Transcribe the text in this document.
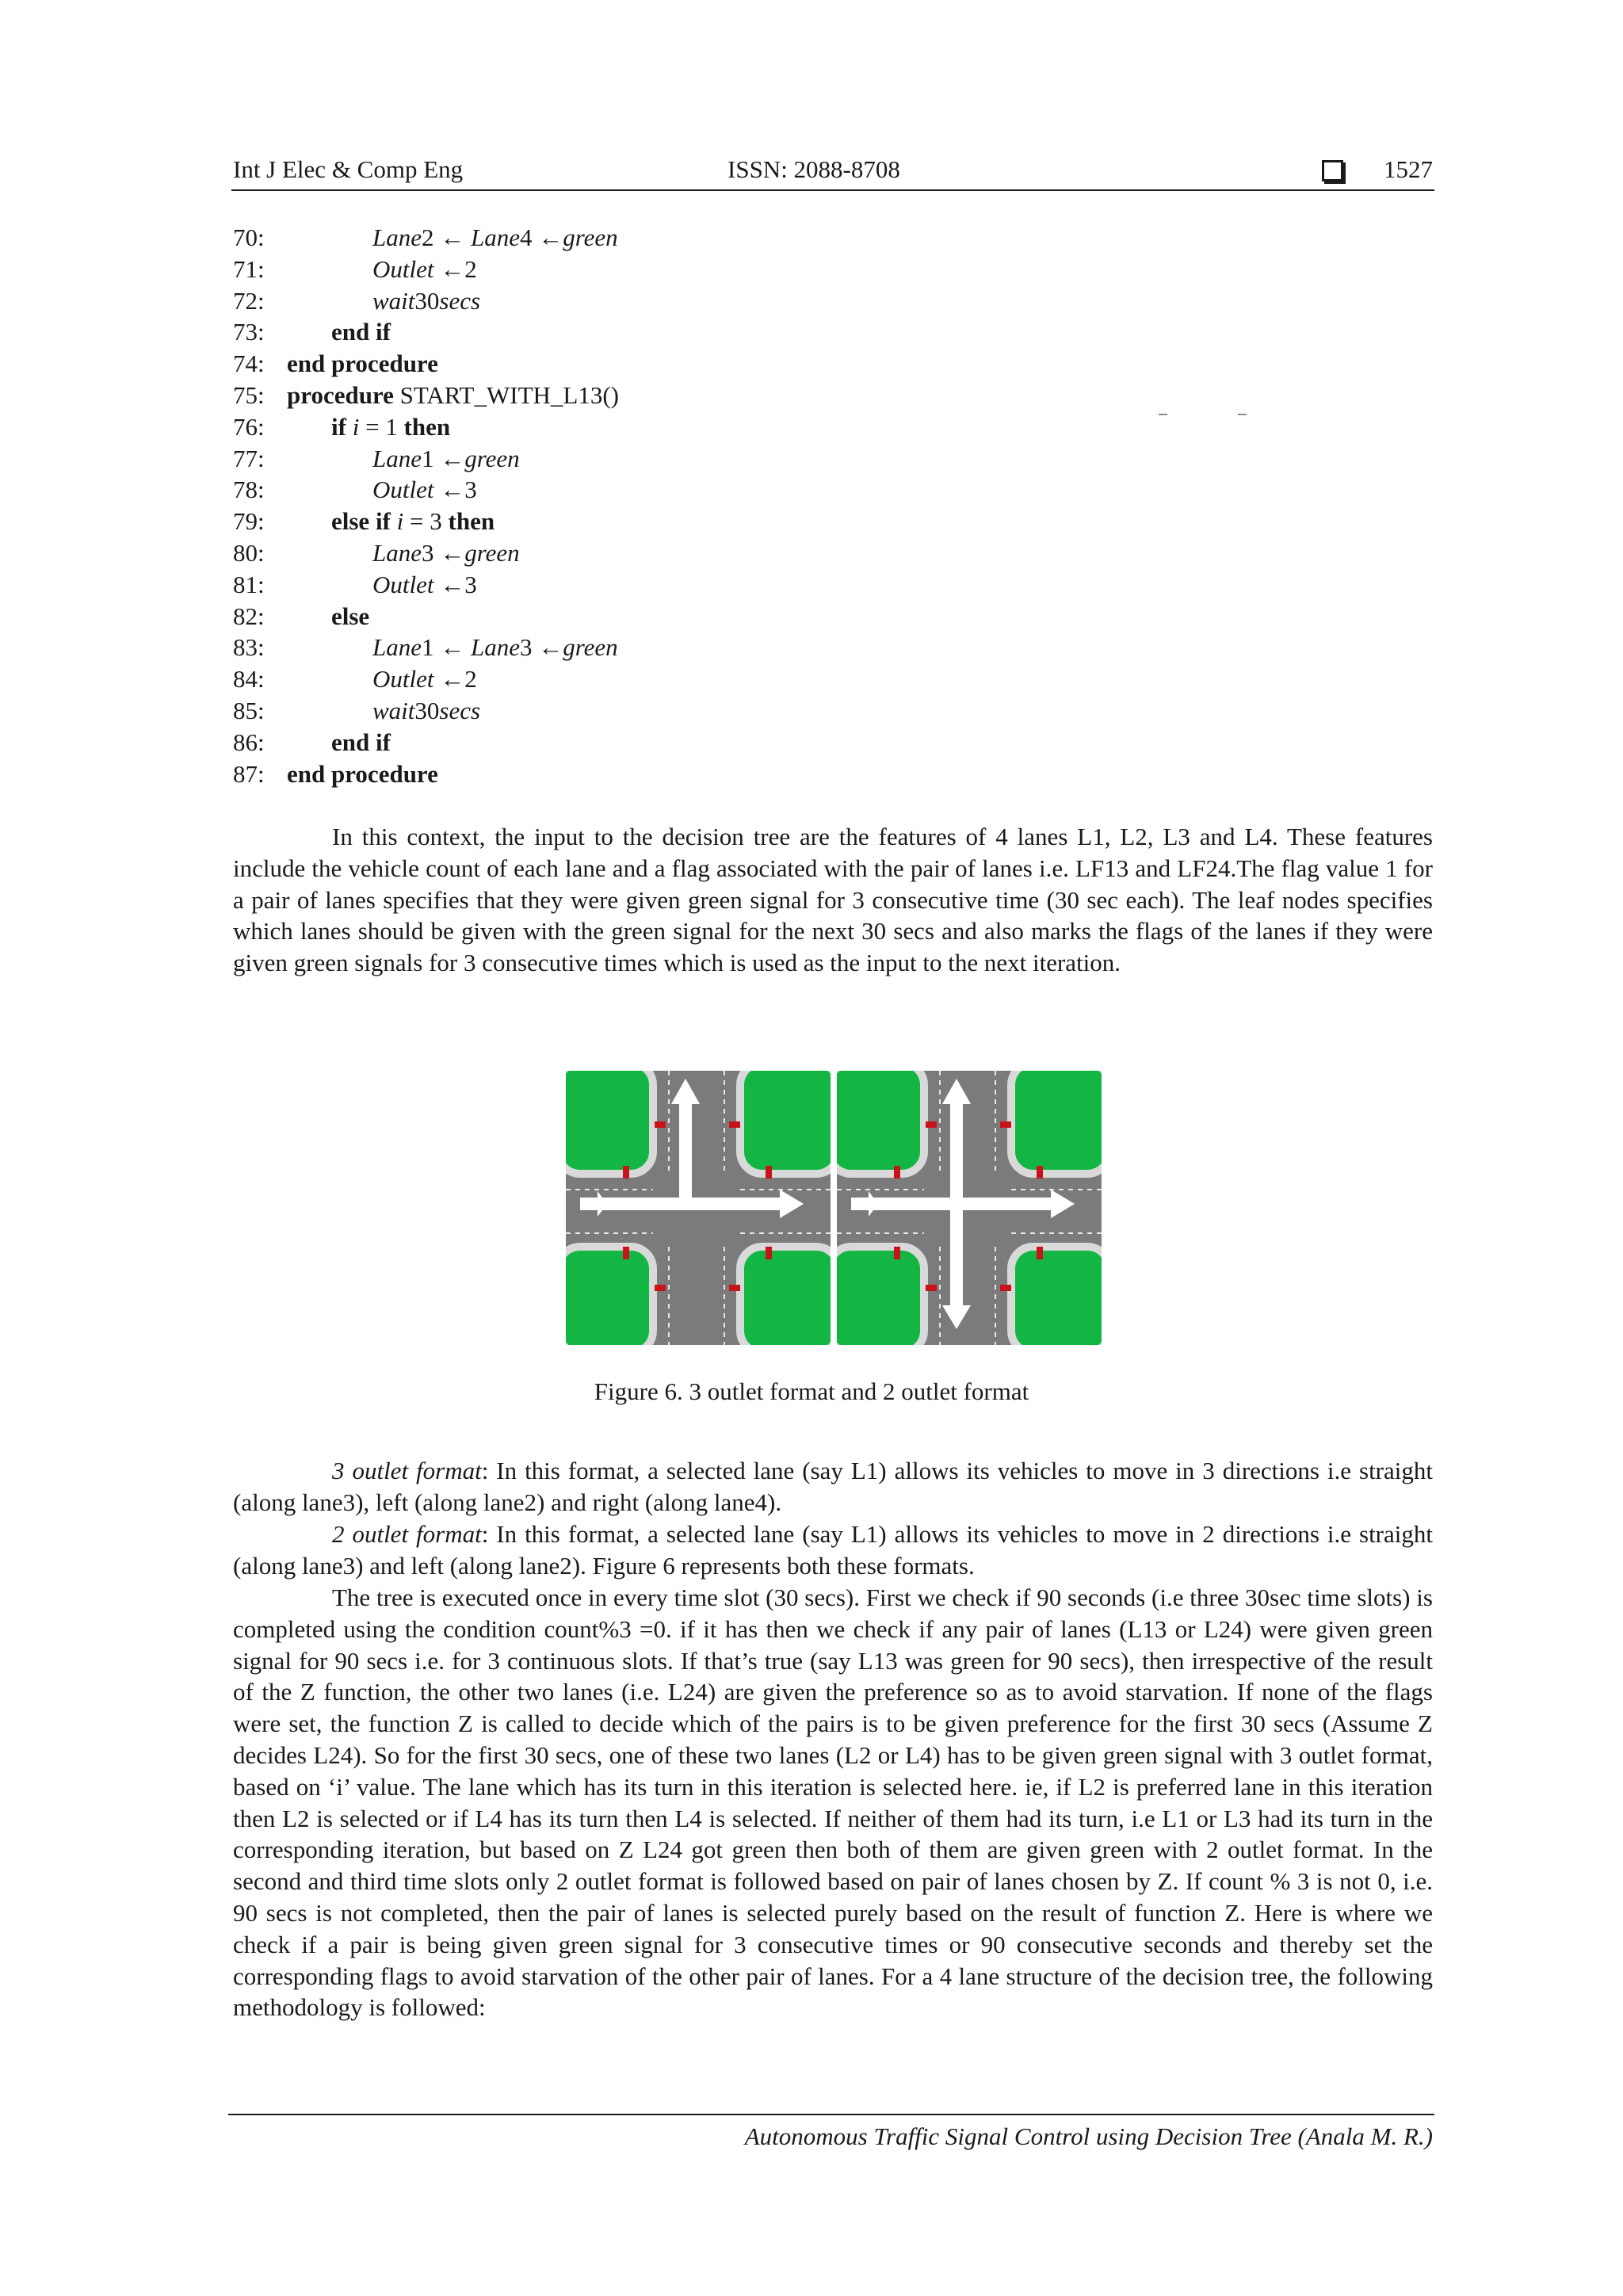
Int J Elec & Comp Eng	ISSN: 2088-8708	1527
70:	Lane2 ← Lane4 ←green
71:	Outlet ←2
72:	wait30secs
73:	end if
74: end procedure
75: procedure START_WITH_L13()
76:	if i = 1 then
77:	Lane1 ←green
78:	Outlet ←3
79:	else if i = 3 then
80:	Lane3 ←green
81:	Outlet ←3
82:	else
83:	Lane1 ← Lane3 ←green
84:	Outlet ←2
85:	wait30secs
86:	end if
87: end procedure
–	–

In this context, the input to the decision tree are the features of 4 lanes L1, L2, L3 and L4. These features include the vehicle count of each lane and a flag associated with the pair of lanes i.e. LF13 and LF24.The flag value 1 for a pair of lanes specifies that they were given green signal for 3 consecutive time (30 sec each). The leaf nodes specifies which lanes should be given with the green signal for the next 30 secs and also marks the flags of the lanes if they were given green signals for 3 consecutive times which is used as the input to the next iteration.

Figure 6. 3 outlet format and 2 outlet format

3 outlet format: In this format, a selected lane (say L1) allows its vehicles to move in 3 directions i.e straight (along lane3), left (along lane2) and right (along lane4).

2 outlet format: In this format, a selected lane (say L1) allows its vehicles to move in 2 directions i.e straight (along lane3) and left (along lane2). Figure 6 represents both these formats.

The tree is executed once in every time slot (30 secs). First we check if 90 seconds (i.e three 30sec time slots) is completed using the condition count%3 =0. if it has then we check if any pair of lanes (L13 or L24) were given green signal for 90 secs i.e. for 3 continuous slots. If that’s true (say L13 was green for 90 secs), then irrespective of the result of the Z function, the other two lanes (i.e. L24) are given the preference so as to avoid starvation. If none of the flags were set, the function Z is called to decide which of the pairs is to be given preference for the first 30 secs (Assume Z decides L24). So for the first 30 secs, one of these two lanes (L2 or L4) has to be given green signal with 3 outlet format, based on ‘i’ value. The lane which has its turn in this iteration is selected here. ie, if L2 is preferred lane in this iteration then L2 is selected or if L4 has its turn then L4 is selected. If neither of them had its turn, i.e L1 or L3 had its turn in the corresponding iteration, but based on Z L24 got green then both of them are given green with 2 outlet format. In the second and third time slots only 2 outlet format is followed based on pair of lanes chosen by Z. If count % 3 is not 0, i.e. 90 secs is not completed, then the pair of lanes is selected purely based on the result of function Z. Here is where we check if a pair is being given green signal for 3 consecutive times or 90 consecutive seconds and thereby set the corresponding flags to avoid starvation of the other pair of lanes. For a 4 lane structure of the decision tree, the following methodology is followed:

Autonomous Traffic Signal Control using Decision Tree (Anala M. R.)
